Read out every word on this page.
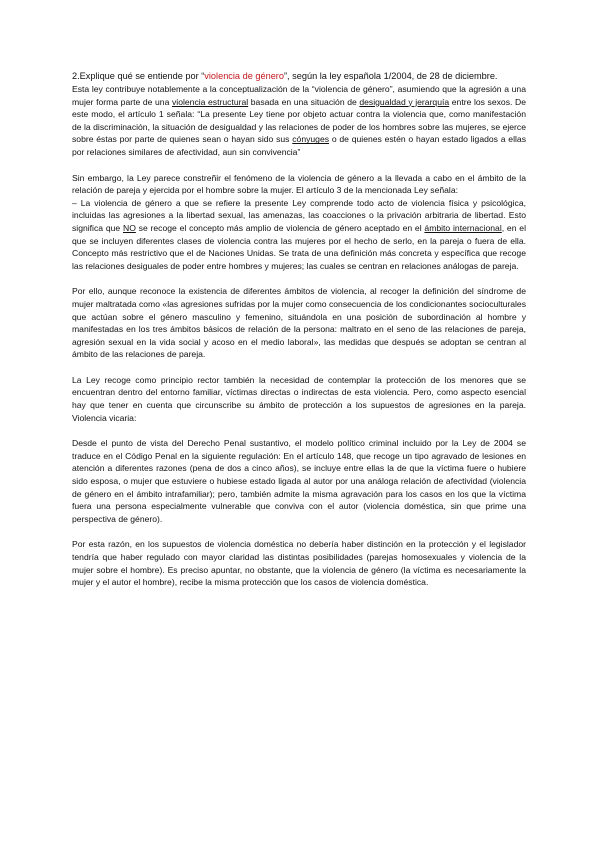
2.Explique qué se entiende por “violencia de género”, según la ley española 1/2004, de 28 de diciembre.

Esta ley contribuye notablemente a la conceptualización de la “violencia de género”, asumiendo que la agresión a una mujer forma parte de una violencia estructural basada en una situación de desigualdad y jerarquía entre los sexos. De este modo, el artículo 1 señala: “La presente Ley tiene por objeto actuar contra la violencia que, como manifestación de la discriminación, la situación de desigualdad y las relaciones de poder de los hombres sobre las mujeres, se ejerce sobre éstas por parte de quienes sean o hayan sido sus cónyuges o de quienes estén o hayan estado ligados a ellas por relaciones similares de afectividad, aun sin convivencia”

Sin embargo, la Ley parece constreñir el fenómeno de la violencia de género a la llevada a cabo en el ámbito de la relación de pareja y ejercida por el hombre sobre la mujer. El artículo 3 de la mencionada Ley señala:

– La violencia de género a que se refiere la presente Ley comprende todo acto de violencia física y psicológica, incluidas las agresiones a la libertad sexual, las amenazas, las coacciones o la privación arbitraria de libertad. Esto significa que NO se recoge el concepto más amplio de violencia de género aceptado en el ámbito internacional, en el que se incluyen diferentes clases de violencia contra las mujeres por el hecho de serlo, en la pareja o fuera de ella. Concepto más restrictivo que el de Naciones Unidas. Se trata de una definición más concreta y específica que recoge las relaciones desiguales de poder entre hombres y mujeres; las cuales se centran en relaciones análogas de pareja.

Por ello, aunque reconoce la existencia de diferentes ámbitos de violencia, al recoger la definición del síndrome de mujer maltratada como «las agresiones sufridas por la mujer como consecuencia de los condicionantes socioculturales que actúan sobre el género masculino y femenino, situándola en una posición de subordinación al hombre y manifestadas en los tres ámbitos básicos de relación de la persona: maltrato en el seno de las relaciones de pareja, agresión sexual en la vida social y acoso en el medio laboral», las medidas que después se adoptan se centran al ámbito de las relaciones de pareja.

La Ley recoge como principio rector también la necesidad de contemplar la protección de los menores que se encuentran dentro del entorno familiar, víctimas directas o indirectas de esta violencia. Pero, como aspecto esencial hay que tener en cuenta que circunscribe su ámbito de protección a los supuestos de agresiones en la pareja. Violencia vicaria:

Desde el punto de vista del Derecho Penal sustantivo, el modelo político criminal incluido por la Ley de 2004 se traduce en el Código Penal en la siguiente regulación: En el artículo 148, que recoge un tipo agravado de lesiones en atención a diferentes razones (pena de dos a cinco años), se incluye entre ellas la de que la víctima fuere o hubiere sido esposa, o mujer que estuviere o hubiese estado ligada al autor por una análoga relación de afectividad (violencia de género en el ámbito intrafamiliar); pero, también admite la misma agravación para los casos en los que la víctima fuera una persona especialmente vulnerable que conviva con el autor (violencia doméstica, sin que prime una perspectiva de género).

Por esta razón, en los supuestos de violencia doméstica no debería haber distinción en la protección y el legislador tendría que haber regulado con mayor claridad las distintas posibilidades (parejas homosexuales y violencia de la mujer sobre el hombre). Es preciso apuntar, no obstante, que la violencia de género (la víctima es necesariamente la mujer y el autor el hombre), recibe la misma protección que los casos de violencia doméstica.
